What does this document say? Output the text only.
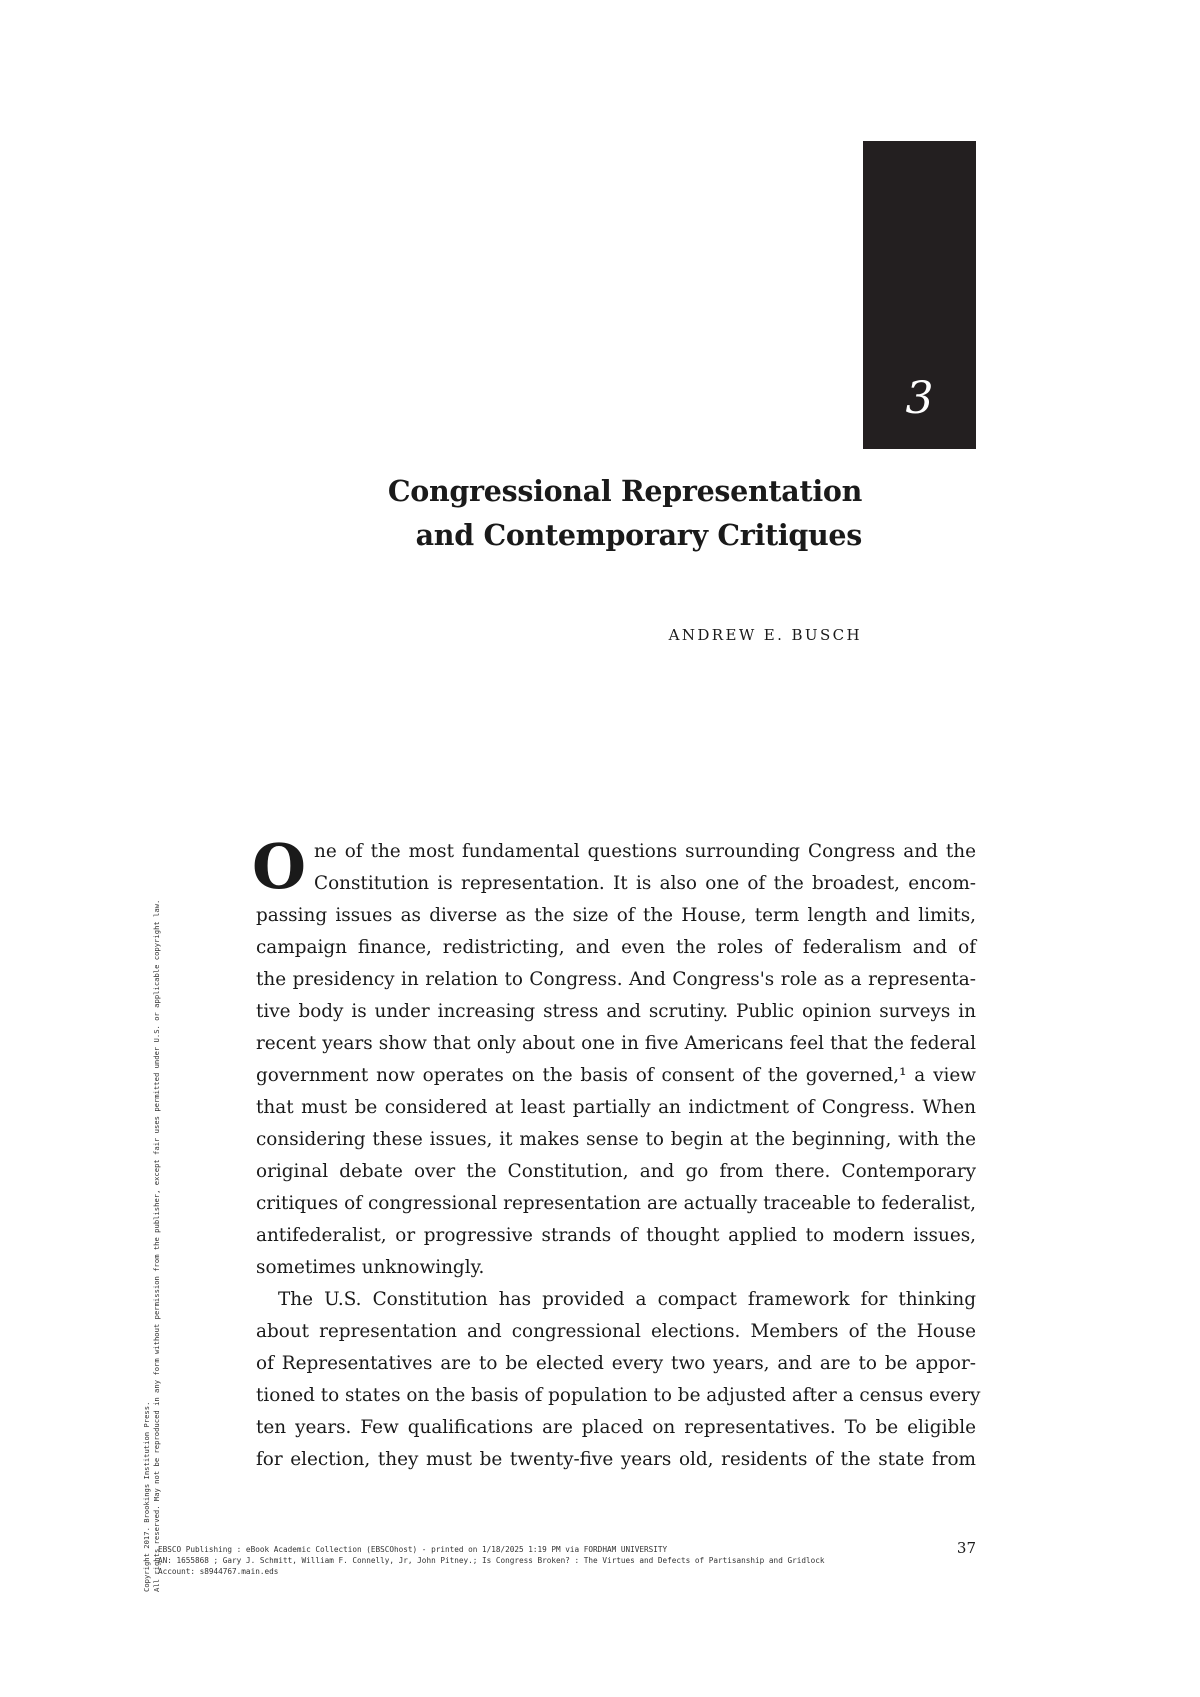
3
Congressional Representation
and Contemporary Critiques
ANDREW E. BUSCH
O ne of the most fundamental questions surrounding Congress and the
Constitution is representation. It is also one of the broadest, encom-
passing issues as diverse as the size of the House, term length and limits,
campaign finance, redistricting, and even the roles of federalism and of
the presidency in relation to Congress. And Congress's role as a representa-
tive body is under increasing stress and scrutiny. Public opinion surveys in
recent years show that only about one in five Americans feel that the federal
government now operates on the basis of consent of the governed,¹ a view
that must be considered at least partially an indictment of Congress. When
considering these issues, it makes sense to begin at the beginning, with the
original debate over the Constitution, and go from there. Contemporary
critiques of congressional representation are actually traceable to federalist,
antifederalist, or progressive strands of thought applied to modern issues,
sometimes unknowingly.

The U.S. Constitution has provided a compact framework for thinking
about representation and congressional elections. Members of the House
of Representatives are to be elected every two years, and are to be appor-
tioned to states on the basis of population to be adjusted after a census every
ten years. Few qualifications are placed on representatives. To be eligible
for election, they must be twenty-five years old, residents of the state from

37
EBSCO Publishing : eBook Academic Collection (EBSCOhost) - printed on 1/18/2025 1:19 PM via FORDHAM UNIVERSITY
AN: 1655868 ; Gary J. Schmitt, William F. Connelly, Jr, John Pitney.; Is Congress Broken? : The Virtues and Defects of Partisanship and Gridlock
Account: s8944767.main.eds
Copyright 2017. Brookings Institution Press. All rights reserved. May not be reproduced in any form without permission from the publisher, except fair uses permitted under U.S. or applicable copyright law.
